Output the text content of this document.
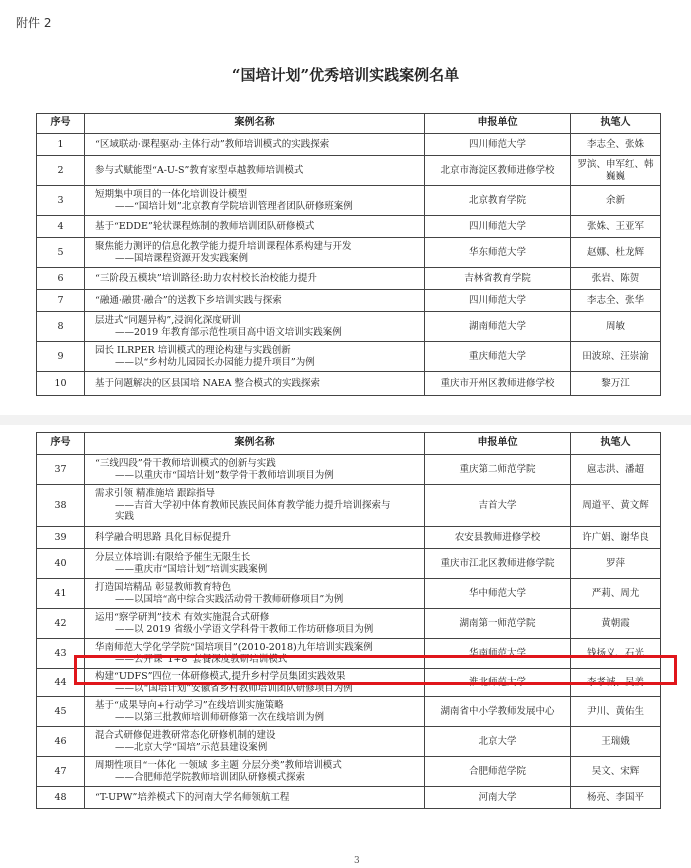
附件 2
“国培计划”优秀培训实践案例名单
序号	案例名称	申报单位	执笔人
1	“区域联动·课程驱动·主体行动”教师培训模式的实践探索	四川师范大学	李志全、张姝
2	参与式赋能型“A-U-S”教育家型卓越教师培训模式	北京市海淀区教师进修学校	罗滨、申军红、韩巍巍
3	短期集中项目的一体化培训设计模型
——“国培计划”北京教育学院培训管理者团队研修班案例	北京教育学院	余新
4	基于“EDDE”轮状课程炼制的教师培训团队研修模式	四川师范大学	张姝、王亚军
5	聚焦能力测评的信息化教学能力提升培训课程体系构建与开发
——国培课程资源开发实践案例	华东师范大学	赵娜、杜龙辉
6	“三阶段五模块”培训路径:助力农村校长治校能力提升	吉林省教育学院	张岩、陈贺
7	“融通·融贯·融合”的送教下乡培训实践与探索	四川师范大学	李志全、张华
8	层进式“同题异构”,浸润化深度研训
——2019 年教育部示范性项目高中语文培训实践案例	湖南师范大学	周敏
9	园长 ILRPER 培训模式的理论构建与实践创新
——以“乡村幼儿园园长办园能力提升项目”为例	重庆师范大学	田波琼、汪崇渝
10	基于问题解决的区县国培 NAEA 整合模式的实践探索	重庆市开州区教师进修学校	黎万江
序号	案例名称	申报单位	执笔人
37	“三线四段”骨干教师培训模式的创新与实践
——以重庆市“国培计划”数学骨干教师培训项目为例	重庆第二师范学院	扈志洪、潘超
38	需求引领 精准施培 跟踪指导
——吉首大学初中体育教师民族民间体育教学能力提升培训探索与
实践	吉首大学	周道平、黄文辉
39	科学融合明思路 具化目标促提升	农安县教师进修学校	许广娟、谢华良
40	分层立体培训:有限给予催生无限生长
——重庆市“国培计划”培训实践案例	重庆市江北区教师进修学院	罗萍
41	打造国培精品 彰显教师教育特色
——以国培“高中综合实践活动骨干教师研修项目”为例	华中师范大学	严莉、周尤
42	运用“察学研判”技术 有效实施混合式研修
——以 2019 省级小学语文学科骨干教师工作坊研修项目为例	湖南第一师范学院	黄朝霞
43	华南师范大学化学学院“国培项目”(2010-2018)九年培训实践案例
——公开课“1+8”套餐深度教研培训模式	华南师范大学	钱扬义、石光
44	构建“UDFS”四位一体研修模式,提升乡村学员集团实践效果
——以“国培计划”安徽省乡村教师培训团队研修项目为例	淮北师范大学	李孝诚、吴姜
45	基于“成果导向+行动学习”在线培训实施策略
——以第三批教师培训师研修第一次在线培训为例	湖南省中小学教师发展中心	尹川、黄佑生
46	混合式研修促进教研常态化研修机制的建设
——北京大学“国培”示范县建设案例	北京大学	王瑞娥
47	周期性项目“一体化 一领域 多主题 分层分类”教师培训模式
——合肥师范学院教师培训团队研修模式探索	合肥师范学院	吴文、宋辉
48	“T-UPW”培养模式下的河南大学名师领航工程	河南大学	杨亮、李国平
3
